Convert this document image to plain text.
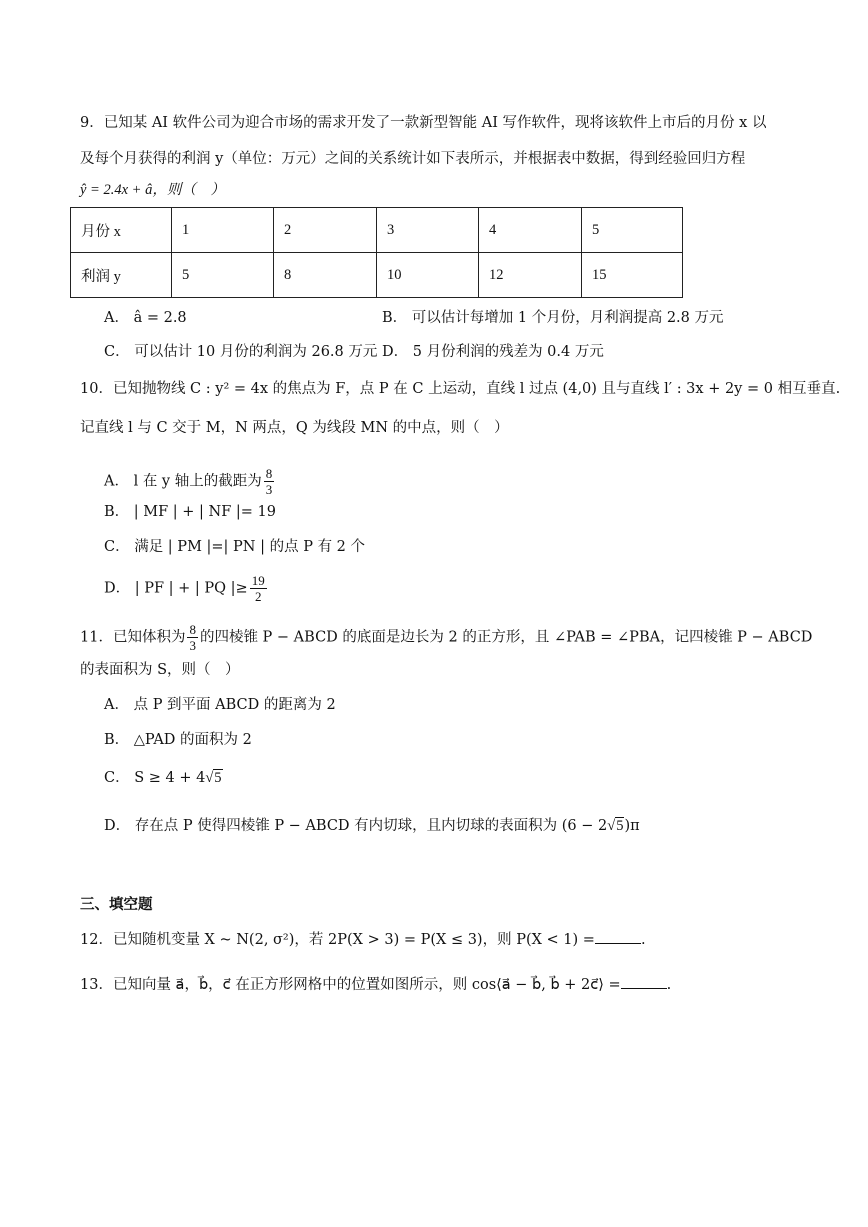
9．已知某 AI 软件公司为迎合市场的需求开发了一款新型智能 AI 写作软件，现将该软件上市后的月份 x 以
及每个月获得的利润 y（单位：万元）之间的关系统计如下表所示，并根据表中数据，得到经验回归方程
ŷ = 2.4x + â，则（　）
月份 x	1	2	3	4	5
利润 y	5	8	10	12	15
A． â = 2.8	B． 可以估计每增加 1 个月份，月利润提高 2.8 万元
C． 可以估计 10 月份的利润为 26.8 万元 D． 5 月份利润的残差为 0.4 万元
10．已知抛物线 C : y² = 4x 的焦点为 F，点 P 在 C 上运动，直线 l 过点 (4,0) 且与直线 l′ : 3x + 2y = 0 相互垂直.
记直线 l 与 C 交于 M，N 两点，Q 为线段 MN 的中点，则（　）
A． l 在 y 轴上的截距为 $\frac{8}{3}$
B． | MF | + | NF |= 19
C． 满足 | PM |=| PN | 的点 P 有 2 个
D． | PF | + | PQ |≥ $\frac{19}{2}$
11．已知体积为 $\frac{8}{3}$ 的四棱锥 P − ABCD 的底面是边长为 2 的正方形，且 ∠PAB = ∠PBA，记四棱锥 P − ABCD
的表面积为 S，则（　）
A． 点 P 到平面 ABCD 的距离为 2
B． △PAD 的面积为 2
C． S ≥ 4 + 4√5
D． 存在点 P 使得四棱锥 P − ABCD 有内切球，且内切球的表面积为 (6 − 2√5)π
三、填空题
12．已知随机变量 X ~ N(2, σ²)，若 2P(X > 3) = P(X ≤ 3)，则 P(X < 1) =	.
13．已知向量 a⃗，b⃗，c⃗ 在正方形网格中的位置如图所示，则 cos⟨a⃗ − b⃗, b⃗ + 2c⃗⟩ =	.
